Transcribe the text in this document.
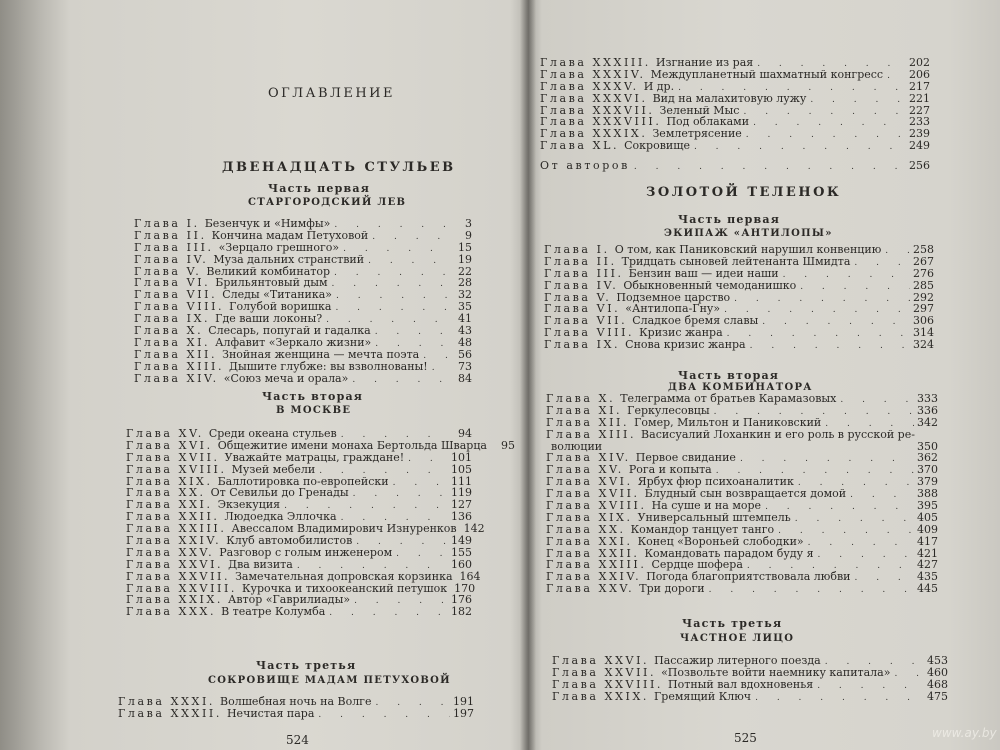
ОГЛАВЛЕНИЕ
ДВЕНАДЦАТЬ СТУЛЬЕВ
Часть первая
СТАРГОРОДСКИЙ ЛЕВ
Глава I. Безенчук и «Нимфы» . . .	3
Глава II. Кончина мадам Петуховой . . .	9
Глава III. «Зерцало грешного» . . .	15
Глава IV. Муза дальних странствий . . .	19
Глава V. Великий комбинатор . . .	22
Глава VI. Брильянтовый дым . . .	28
Глава VII. Следы «Титаника» . . .	32
Глава VIII. Голубой воришка . . .	35
Глава IX. Где ваши локоны? . . .	41
Глава X. Слесарь, попугай и гадалка . . .	43
Глава XI. Алфавит «Зеркало жизни» . . .	48
Глава XII. Знойная женщина — мечта поэта . . .	56
Глава XIII. Дышите глубже: вы взволнованы! . . .	73
Глава XIV. «Союз меча и орала» . . .	84
Часть вторая
В МОСКВЕ
Глава XV. Среди океана стульев . . .	94
Глава XVI. Общежитие имени монаха Бертольда Шварца . . .	95
Глава XVII. Уважайте матрацы, граждане! . . .	101
Глава XVIII. Музей мебели . . .	105
Глава XIX. Баллотировка по-европейски . . .	111
Глава XX. От Севильи до Гренады . . .	119
Глава XXI. Экзекуция . . .	127
Глава XXII. Людоедка Эллочка . . .	136
Глава XXIII. Авессалом Владимирович Изнуренков . . . 142
Глава XXIV. Клуб автомобилистов . . .	149
Глава XXV. Разговор с голым инженером . . .	155
Глава XXVI. Два визита . . .	160
Глава XXVII. Замечательная допровская корзинка . . . 164
Глава XXVIII. Курочка и тихоокеанский петушок . . . 170
Глава XXIX. Автор «Гаврилиады» . . .	176
Глава XXX. В театре Колумба . . .	182
Часть третья
СОКРОВИЩЕ МАДАМ ПЕТУХОВОЙ
Глава XXXI. Волшебная ночь на Волге . . .	191
Глава XXXII. Нечистая пара . . .	197
524
Глава XXXIII. Изгнание из рая . . .	202
Глава XXXIV. Междупланетный шахматный конгресс . . . 206
Глава XXXV. И др. . . .	217
Глава XXXVI. Вид на малахитовую лужу . . .	221
Глава XXXVII. Зеленый Мыс . . .	227
Глава XXXVIII. Под облаками . . .	233
Глава XXXIX. Землетрясение . . .	239
Глава XL. Сокровище . . .	249
От авторов . . .	256
ЗОЛОТОЙ ТЕЛЕНОК
Часть первая
ЭКИПАЖ «АНТИЛОПЫ»
Глава I. О том, как Паниковский нарушил конвенцию . . .	258
Глава II. Тридцать сыновей лейтенанта Шмидта . . .	267
Глава III. Бензин ваш — идеи наши . . .	276
Глава IV. Обыкновенный чемоданишко . . .	285
Глава V. Подземное царство . . .	292
Глава VI. «Антилопа-Гну» . . .	297
Глава VII. Сладкое бремя славы . . .	306
Глава VIII. Кризис жанра . . .	314
Глава IX. Снова кризис жанра . . .	324
Часть вторая
ДВА КОМБИНАТОРА
Глава X. Телеграмма от братьев Карамазовых . . .	333
Глава XI. Геркулесовцы . . .	336
Глава XII. Гомер, Мильтон и Паниковский . . .	342
Глава XIII. Васисуалий Лоханкин и его роль в русской ре-
. . .
волюции	350
Глава XIV. Первое свидание . . .	362
Глава XV. Рога и копыта . . .	370
Глава XVI. Ярбух фюр психоаналитик . . .	379
Глава XVII. Блудный сын возвращается домой . . .	388
Глава XVIII. На суше и на море . . .	395
Глава XIX. Универсальный штемпель . . .	405
Глава XX. Командор танцует танго . . .	409
Глава XXI. Конец «Вороньей слободки» . . .	417
Глава XXII. Командовать парадом буду я . . .	421
Глава XXIII. Сердце шофера . . .	427
Глава XXIV. Погода благоприятствовала любви . . .	435
Глава XXV. Три дороги . . .	445
Часть третья
ЧАСТНОЕ ЛИЦО
Глава XXVI. Пассажир литерного поезда . . .	453
Глава XXVII. «Позвольте войти наемнику капитала» . . .	460
Глава XXVIII. Потный вал вдохновенья . . .	468
Глава XXIX. Гремящий Ключ . . .	475
525	www.ay.by
